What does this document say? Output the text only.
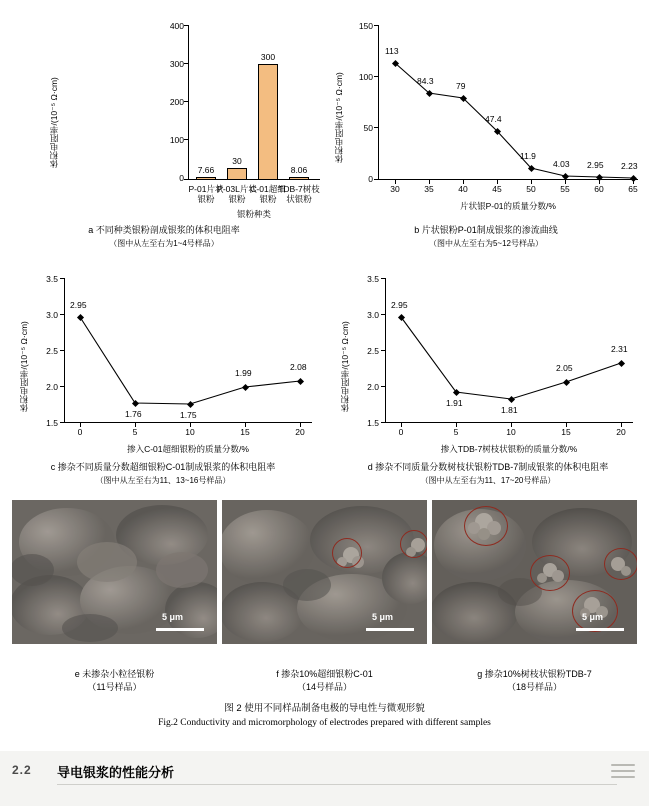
体积电阻率/(10⁻⁵ Ω·cm)
400
300
200
100
0
7.66
30
300
8.06
P-01片状
银粉
P-03L片状
银粉
C-01超细
银粉
TDB-7树枝
状银粉
银粉种类
a 不同种类银粉剖成银浆的体积电阻率
（图中从左至右为1~4号样品）
体积电阻率/(10⁻⁵ Ω·cm)
150
100
50
0
113
84.3	79
47.4
11.9
4.03 2.95 2.23
30	35	40	45	50	55	60	65
片状银P-01的质量分数/%
b 片状银粉P-01制成银浆的渗流曲线
（图中从左至右为5~12号样品）
体积电阻率/(10⁻⁵ Ω·cm)
3.5
3.0
2.5
2.0
1.5
2.95
1.76	1.75
1.99
2.08
0	5	10	15	20
掺入C-01超细银粉的质量分数/%
c 掺杂不同质量分数超细银粉C-01制成银浆的体积电阻率
（图中从左至右为11、13~16号样品）
体积电阻率/(10⁻⁵ Ω·cm)
3.5
3.0
2.5
2.0
1.5
2.95
1.91
1.81
2.05
2.31
0	5	10	15	20
掺入TDB-7树枝状银粉的质量分数/%
d 掺杂不同质量分数树枝状银粉TDB-7制成银浆的体积电阻率
（图中从左至右为11、17~20号样品）
5 μm
e 未掺杂小粒径银粉
（11号样品）
5 μm
f 掺杂10%超细银粉C-01
（14号样品）
5 μm
g 掺杂10%树枝状银粉TDB-7
（18号样品）
图 2 使用不同样品制备电极的导电性与微观形貌
Fig.2 Conductivity and micromorphology of electrodes prepared with different samples
2.2 导电银浆的性能分析
